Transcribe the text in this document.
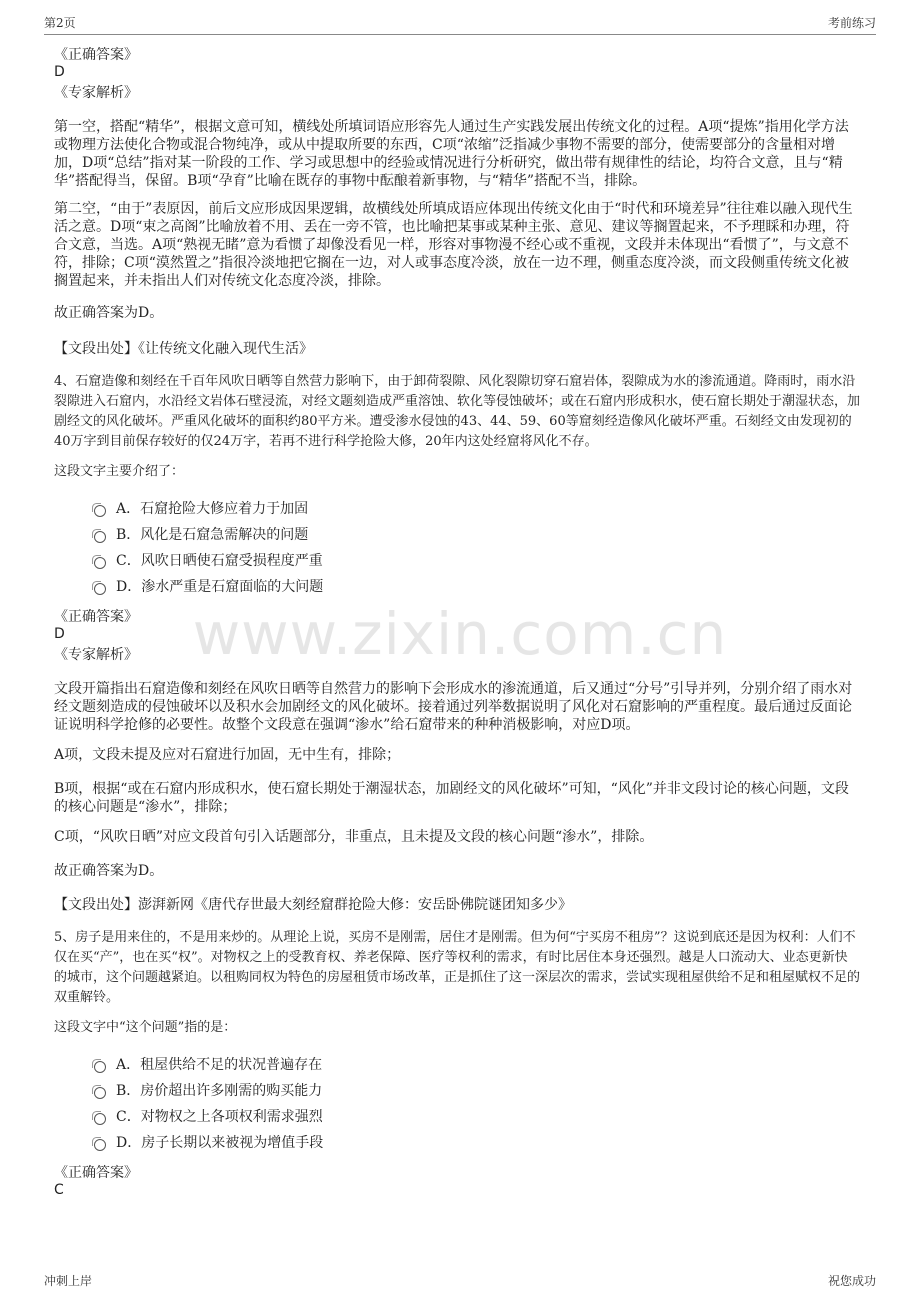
第2页	考前练习
www.zixin.com.cn
《正确答案》
D
《专家解析》
第一空，搭配“精华”，根据文意可知，横线处所填词语应形容先人通过生产实践发展出传统文化的过程。A项“提炼”指用化学方法或物理方法使化合物或混合物纯净，或从中提取所要的东西，C项“浓缩”泛指减少事物不需要的部分，使需要部分的含量相对增加，D项“总结”指对某一阶段的工作、学习或思想中的经验或情况进行分析研究，做出带有规律性的结论，均符合文意，且与“精华”搭配得当，保留。B项“孕育”比喻在既存的事物中酝酿着新事物，与“精华”搭配不当，排除。
第二空，“由于”表原因，前后文应形成因果逻辑，故横线处所填成语应体现出传统文化由于“时代和环境差异”往往难以融入现代生活之意。D项“束之高阁”比喻放着不用、丢在一旁不管，也比喻把某事或某种主张、意见、建议等搁置起来，不予理睬和办理，符合文意，当选。A项“熟视无睹”意为看惯了却像没看见一样，形容对事物漫不经心或不重视，文段并未体现出“看惯了”，与文意不符，排除；C项“漠然置之”指很冷淡地把它搁在一边，对人或事态度冷淡，放在一边不理，侧重态度冷淡，而文段侧重传统文化被搁置起来，并未指出人们对传统文化态度冷淡，排除。
故正确答案为D。
【文段出处】《让传统文化融入现代生活》
4、石窟造像和刻经在千百年风吹日晒等自然营力影响下，由于卸荷裂隙、风化裂隙切穿石窟岩体，裂隙成为水的渗流通道。降雨时，雨水沿裂隙进入石窟内，水沿经文岩体石壁浸流，对经文题刻造成严重溶蚀、软化等侵蚀破坏；或在石窟内形成积水，使石窟长期处于潮湿状态，加剧经文的风化破坏。严重风化破坏的面积约80平方米。遭受渗水侵蚀的43、44、59、60等窟刻经造像风化破坏严重。石刻经文由发现初的40万字到目前保存较好的仅24万字，若再不进行科学抢险大修，20年内这处经窟将风化不存。
这段文字主要介绍了：
A． 石窟抢险大修应着力于加固
B． 风化是石窟急需解决的问题
C． 风吹日晒使石窟受损程度严重
D． 渗水严重是石窟面临的大问题
《正确答案》
D
《专家解析》
文段开篇指出石窟造像和刻经在风吹日晒等自然营力的影响下会形成水的渗流通道，后又通过“分号”引导并列，分别介绍了雨水对经文题刻造成的侵蚀破坏以及积水会加剧经文的风化破坏。接着通过列举数据说明了风化对石窟影响的严重程度。最后通过反面论证说明科学抢修的必要性。故整个文段意在强调“渗水”给石窟带来的种种消极影响，对应D项。
A项，文段未提及应对石窟进行加固，无中生有，排除；
B项，根据“或在石窟内形成积水，使石窟长期处于潮湿状态，加剧经文的风化破坏”可知，“风化”并非文段讨论的核心问题，文段的核心问题是“渗水”，排除；
C项，“风吹日晒”对应文段首句引入话题部分，非重点，且未提及文段的核心问题“渗水”，排除。
故正确答案为D。
【文段出处】澎湃新网《唐代存世最大刻经窟群抢险大修：安岳卧佛院谜团知多少》
5、房子是用来住的，不是用来炒的。从理论上说，买房不是刚需，居住才是刚需。但为何“宁买房不租房”？这说到底还是因为权利：人们不仅在买“产”，也在买“权”。对物权之上的受教育权、养老保障、医疗等权利的需求，有时比居住本身还强烈。越是人口流动大、业态更新快的城市，这个问题越紧迫。以租购同权为特色的房屋租赁市场改革，正是抓住了这一深层次的需求，尝试实现租屋供给不足和租屋赋权不足的双重解铃。
这段文字中“这个问题”指的是：
A． 租屋供给不足的状况普遍存在
B． 房价超出许多刚需的购买能力
C． 对物权之上各项权利需求强烈
D． 房子长期以来被视为增值手段
《正确答案》
C
冲刺上岸	祝您成功
